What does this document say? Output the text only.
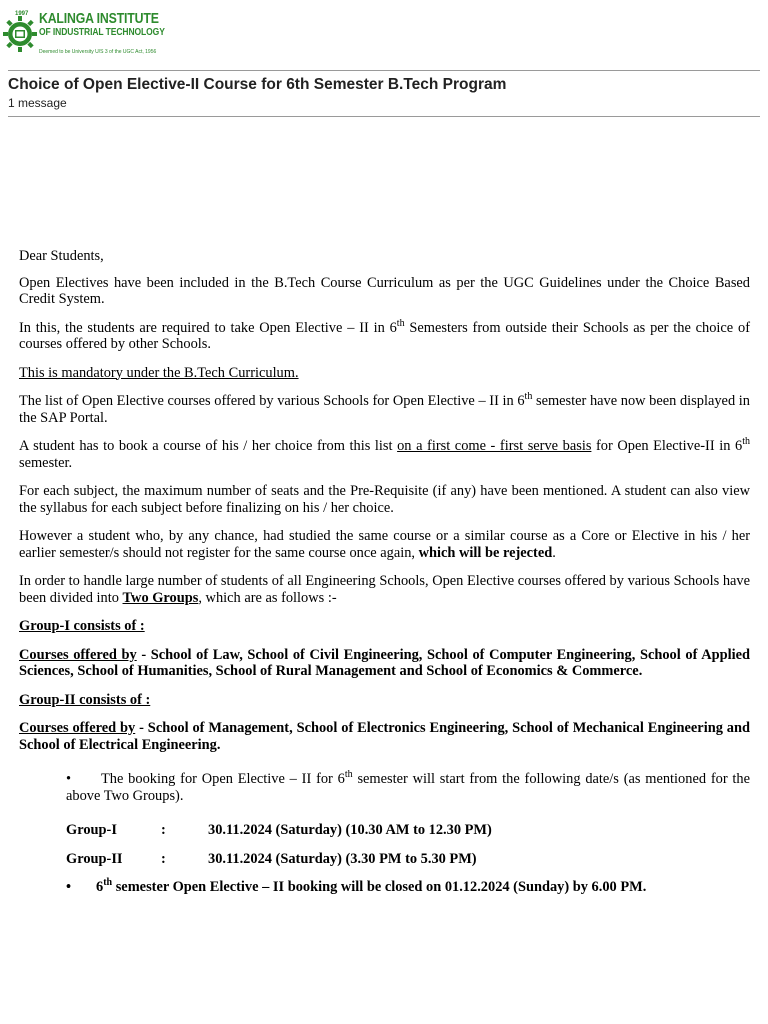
1997 KALINGA INSTITUTE
OF INDUSTRIAL TECHNOLOGY
Deemed to be University U/S 3 of the UGC Act, 1956
Choice of Open Elective-II Course for 6th Semester B.Tech Program
1 message

Dear Students,

Open Electives have been included in the B.Tech Course Curriculum as per the UGC Guidelines under the Choice Based Credit System.

In this, the students are required to take Open Elective – II in 6th Semesters from outside their Schools as per the choice of courses offered by other Schools.

This is mandatory under the B.Tech Curriculum.

The list of Open Elective courses offered by various Schools for Open Elective – II in 6th semester have now been displayed in the SAP Portal.

A student has to book a course of his / her choice from this list on a first come - first serve basis for Open Elective-II in 6th semester.

For each subject, the maximum number of seats and the Pre-Requisite (if any) have been mentioned. A student can also view the syllabus for each subject before finalizing on his / her choice.

However a student who, by any chance, had studied the same course or a similar course as a Core or Elective in his / her earlier semester/s should not register for the same course once again, which will be rejected.

In order to handle large number of students of all Engineering Schools, Open Elective courses offered by various Schools have been divided into Two Groups, which are as follows :-

Group-I consists of :

Courses offered by - School of Law, School of Civil Engineering, School of Computer Engineering, School of Applied Sciences, School of Humanities, School of Rural Management and School of Economics & Commerce.

Group-II consists of :

Courses offered by - School of Management, School of Electronics Engineering, School of Mechanical Engineering and School of Electrical Engineering.

• The booking for Open Elective – II for 6th semester will start from the following date/s (as mentioned for the above Two Groups).

Group-I	:	30.11.2024 (Saturday) (10.30 AM to 12.30 PM)
Group-II	:	30.11.2024 (Saturday) (3.30 PM to 5.30 PM)

• 6th semester Open Elective – II booking will be closed on 01.12.2024 (Sunday) by 6.00 PM.
